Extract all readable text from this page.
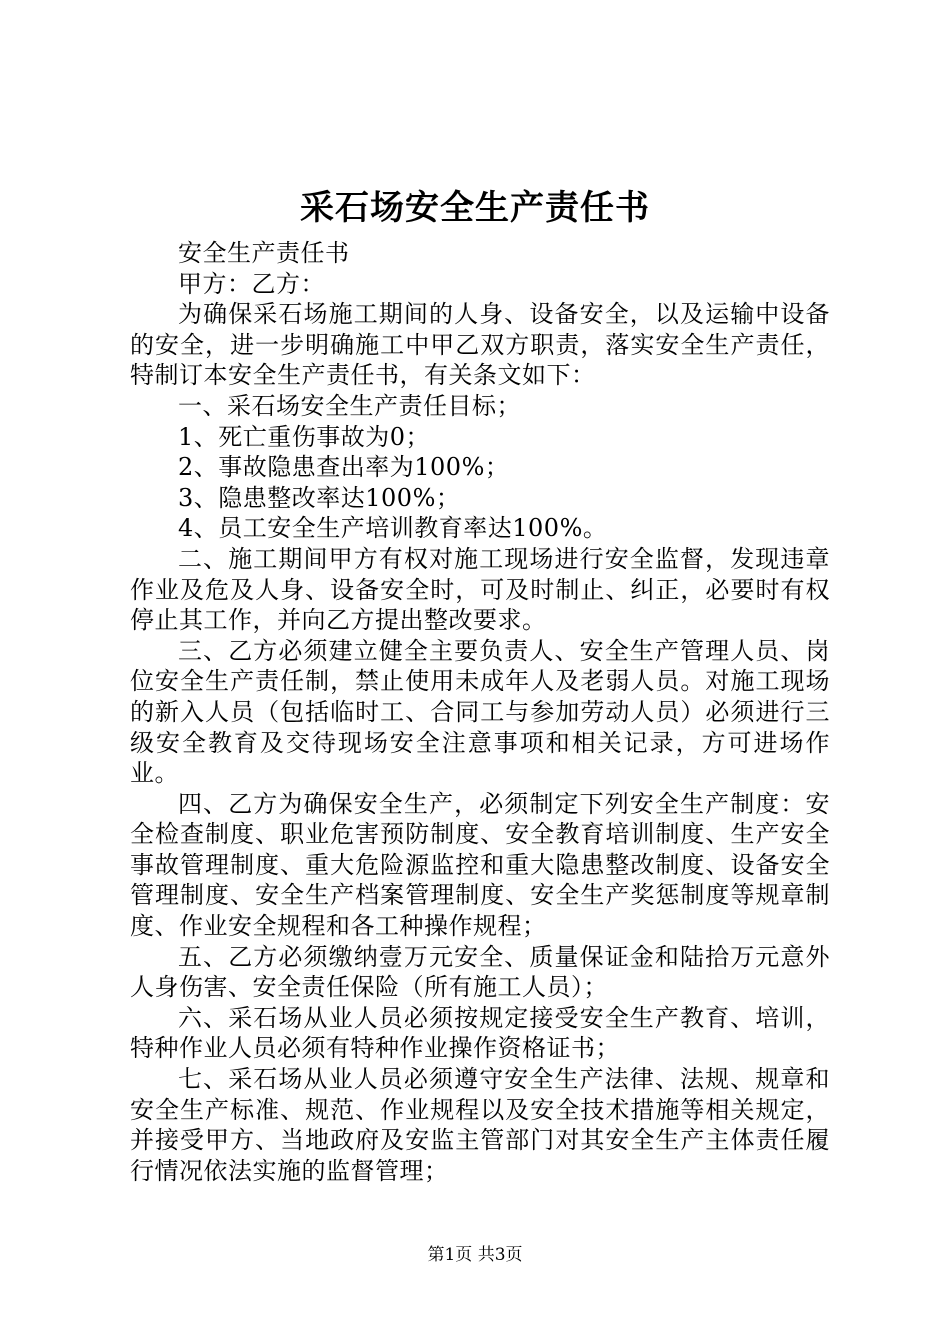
采石场安全生产责任书

安全生产责任书

甲方：乙方：

为确保采石场施工期间的人身、设备安全，以及运输中设备的安全，进一步明确施工中甲乙双方职责，落实安全生产责任，特制订本安全生产责任书，有关条文如下：

一、采石场安全生产责任目标；

1、死亡重伤事故为0；

2、事故隐患查出率为100%；

3、隐患整改率达100%；

4、员工安全生产培训教育率达100%。

二、施工期间甲方有权对施工现场进行安全监督，发现违章作业及危及人身、设备安全时，可及时制止、纠正，必要时有权停止其工作，并向乙方提出整改要求。

三、乙方必须建立健全主要负责人、安全生产管理人员、岗位安全生产责任制，禁止使用未成年人及老弱人员。对施工现场的新入人员（包括临时工、合同工与参加劳动人员）必须进行三级安全教育及交待现场安全注意事项和相关记录，方可进场作业。

四、乙方为确保安全生产，必须制定下列安全生产制度：安全检查制度、职业危害预防制度、安全教育培训制度、生产安全事故管理制度、重大危险源监控和重大隐患整改制度、设备安全管理制度、安全生产档案管理制度、安全生产奖惩制度等规章制度、作业安全规程和各工种操作规程；

五、乙方必须缴纳壹万元安全、质量保证金和陆拾万元意外人身伤害、安全责任保险（所有施工人员）；

六、采石场从业人员必须按规定接受安全生产教育、培训，特种作业人员必须有特种作业操作资格证书；

七、采石场从业人员必须遵守安全生产法律、法规、规章和安全生产标准、规范、作业规程以及安全技术措施等相关规定，并接受甲方、当地政府及安监主管部门对其安全生产主体责任履行情况依法实施的监督管理；

第1页 共3页
